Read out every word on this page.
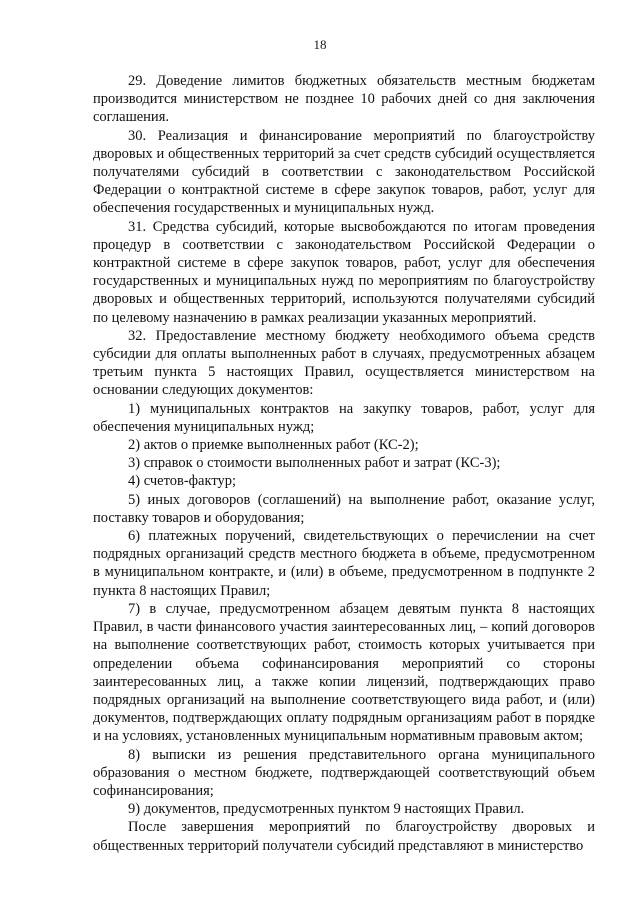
18

29. Доведение лимитов бюджетных обязательств местным бюджетам производится министерством не позднее 10 рабочих дней со дня заключения соглашения.

30. Реализация и финансирование мероприятий по благоустройству дворовых и общественных территорий за счет средств субсидий осуществляется получателями субсидий в соответствии с законодательством Российской Федерации о контрактной системе в сфере закупок товаров, работ, услуг для обеспечения государственных и муниципальных нужд.

31. Средства субсидий, которые высвобождаются по итогам проведения процедур в соответствии с законодательством Российской Федерации о контрактной системе в сфере закупок товаров, работ, услуг для обеспечения государственных и муниципальных нужд по мероприятиям по благоустройству дворовых и общественных территорий, используются получателями субсидий по целевому назначению в рамках реализации указанных мероприятий.

32. Предоставление местному бюджету необходимого объема средств субсидии для оплаты выполненных работ в случаях, предусмотренных абзацем третьим пункта 5 настоящих Правил, осуществляется министерством на основании следующих документов:

1) муниципальных контрактов на закупку товаров, работ, услуг для обеспечения муниципальных нужд;

2) актов о приемке выполненных работ (КС-2);

3) справок о стоимости выполненных работ и затрат (КС-3);

4) счетов-фактур;

5) иных договоров (соглашений) на выполнение работ, оказание услуг, поставку товаров и оборудования;

6) платежных поручений, свидетельствующих о перечислении на счет подрядных организаций средств местного бюджета в объеме, предусмотренном в муниципальном контракте, и (или) в объеме, предусмотренном в подпункте 2 пункта 8 настоящих Правил;

7) в случае, предусмотренном абзацем девятым пункта 8 настоящих Правил, в части финансового участия заинтересованных лиц, – копий договоров на выполнение соответствующих работ, стоимость которых учитывается при определении объема софинансирования мероприятий со стороны заинтересованных лиц, а также копии лицензий, подтверждающих право подрядных организаций на выполнение соответствующего вида работ, и (или) документов, подтверждающих оплату подрядным организациям работ в порядке и на условиях, установленных муниципальным нормативным правовым актом;

8) выписки из решения представительного органа муниципального образования о местном бюджете, подтверждающей соответствующий объем софинансирования;

9) документов, предусмотренных пунктом 9 настоящих Правил.

После завершения мероприятий по благоустройству дворовых и общественных территорий получатели субсидий представляют в министерство
